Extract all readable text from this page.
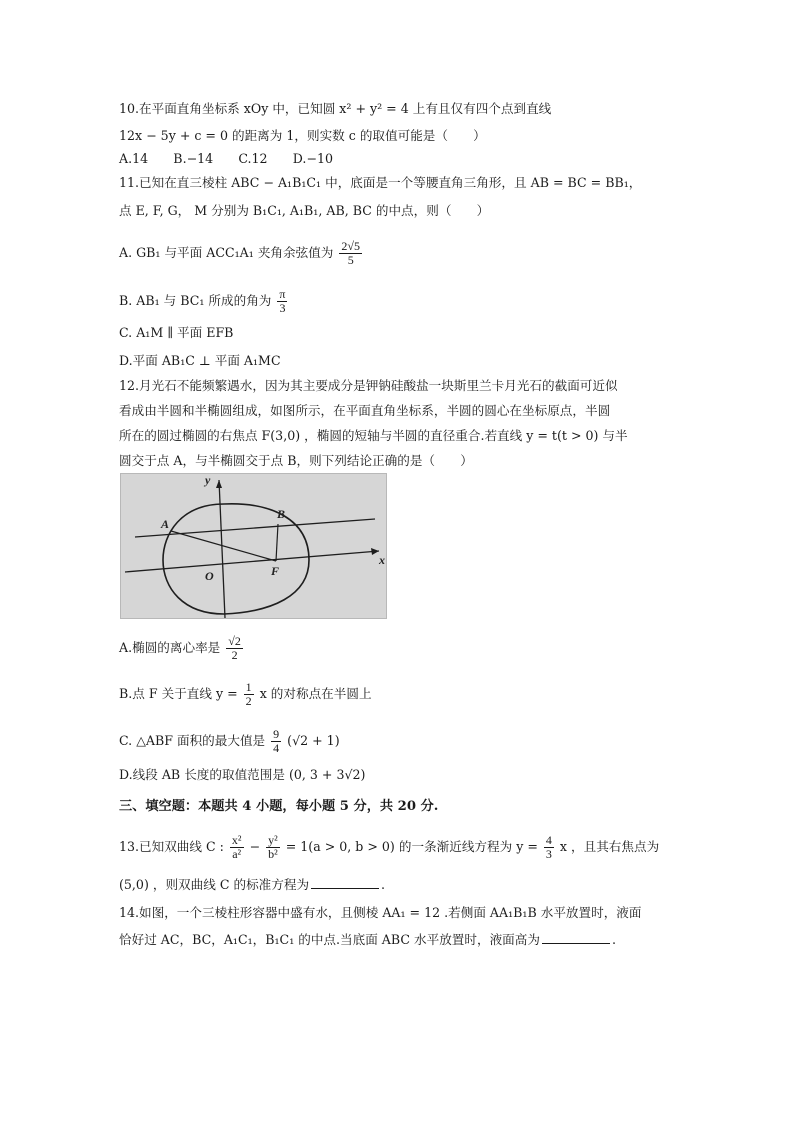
10.在平面直角坐标系 xOy 中，已知圆 x² + y² = 4 上有且仅有四个点到直线
12x − 5y + c = 0 的距离为 1，则实数 c 的取值可能是（　　）
A.14　　B.−14　　C.12　　D.−10
11.已知在直三棱柱 ABC − A₁B₁C₁ 中，底面是一个等腰直角三角形，且 AB = BC = BB₁，
点 E, F, G， M 分别为 B₁C₁, A₁B₁, AB, BC 的中点，则（　　）
A. GB₁ 与平面 ACC₁A₁ 夹角余弦值为 $\frac{2√5}{5}$
B. AB₁ 与 BC₁ 所成的角为 $\frac{\pi}{3}$
C. A₁M ∥ 平面 EFB
D.平面 AB₁C ⊥ 平面 A₁MC
12.月光石不能频繁遇水，因为其主要成分是钾钠硅酸盐一块斯里兰卡月光石的截面可近似
看成由半圆和半椭圆组成，如图所示，在平面直角坐标系，半圆的圆心在坐标原点，半圆
所在的圆过椭圆的右焦点 F(3,0) ，椭圆的短轴与半圆的直径重合.若直线 y = t(t > 0) 与半
圆交于点 A，与半椭圆交于点 B，则下列结论正确的是（　　）
y
x
A
B
O	F
A.椭圆的离心率是 $\frac{√2}{2}$
B.点 F 关于直线 $y = \frac{1}{2}$ x 的对称点在半圆上
C. △ABF 面积的最大值是 $\frac{9}{4} (√2 + 1)$
D.线段 AB 长度的取值范围是 (0, 3 + 3√2)
三、填空题：本题共 4 小题，每小题 5 分，共 20 分.
13.已知双曲线 C : $\frac{\text{x²}}{\text{a²}} - \frac{\text{y²}}{\text{b²}} = 1(a > 0$, b > 0) 的一条渐近线方程为 $y = \frac{4}{3}$ x ，且其右焦点为
(5,0) ，则双曲线 C 的标准方程为	.
14.如图，一个三棱柱形容器中盛有水，且侧棱 AA₁ = 12 .若侧面 AA₁B₁B 水平放置时，液面
恰好过 AC，BC，A₁C₁，B₁C₁ 的中点.当底面 ABC 水平放置时，液面高为	.
